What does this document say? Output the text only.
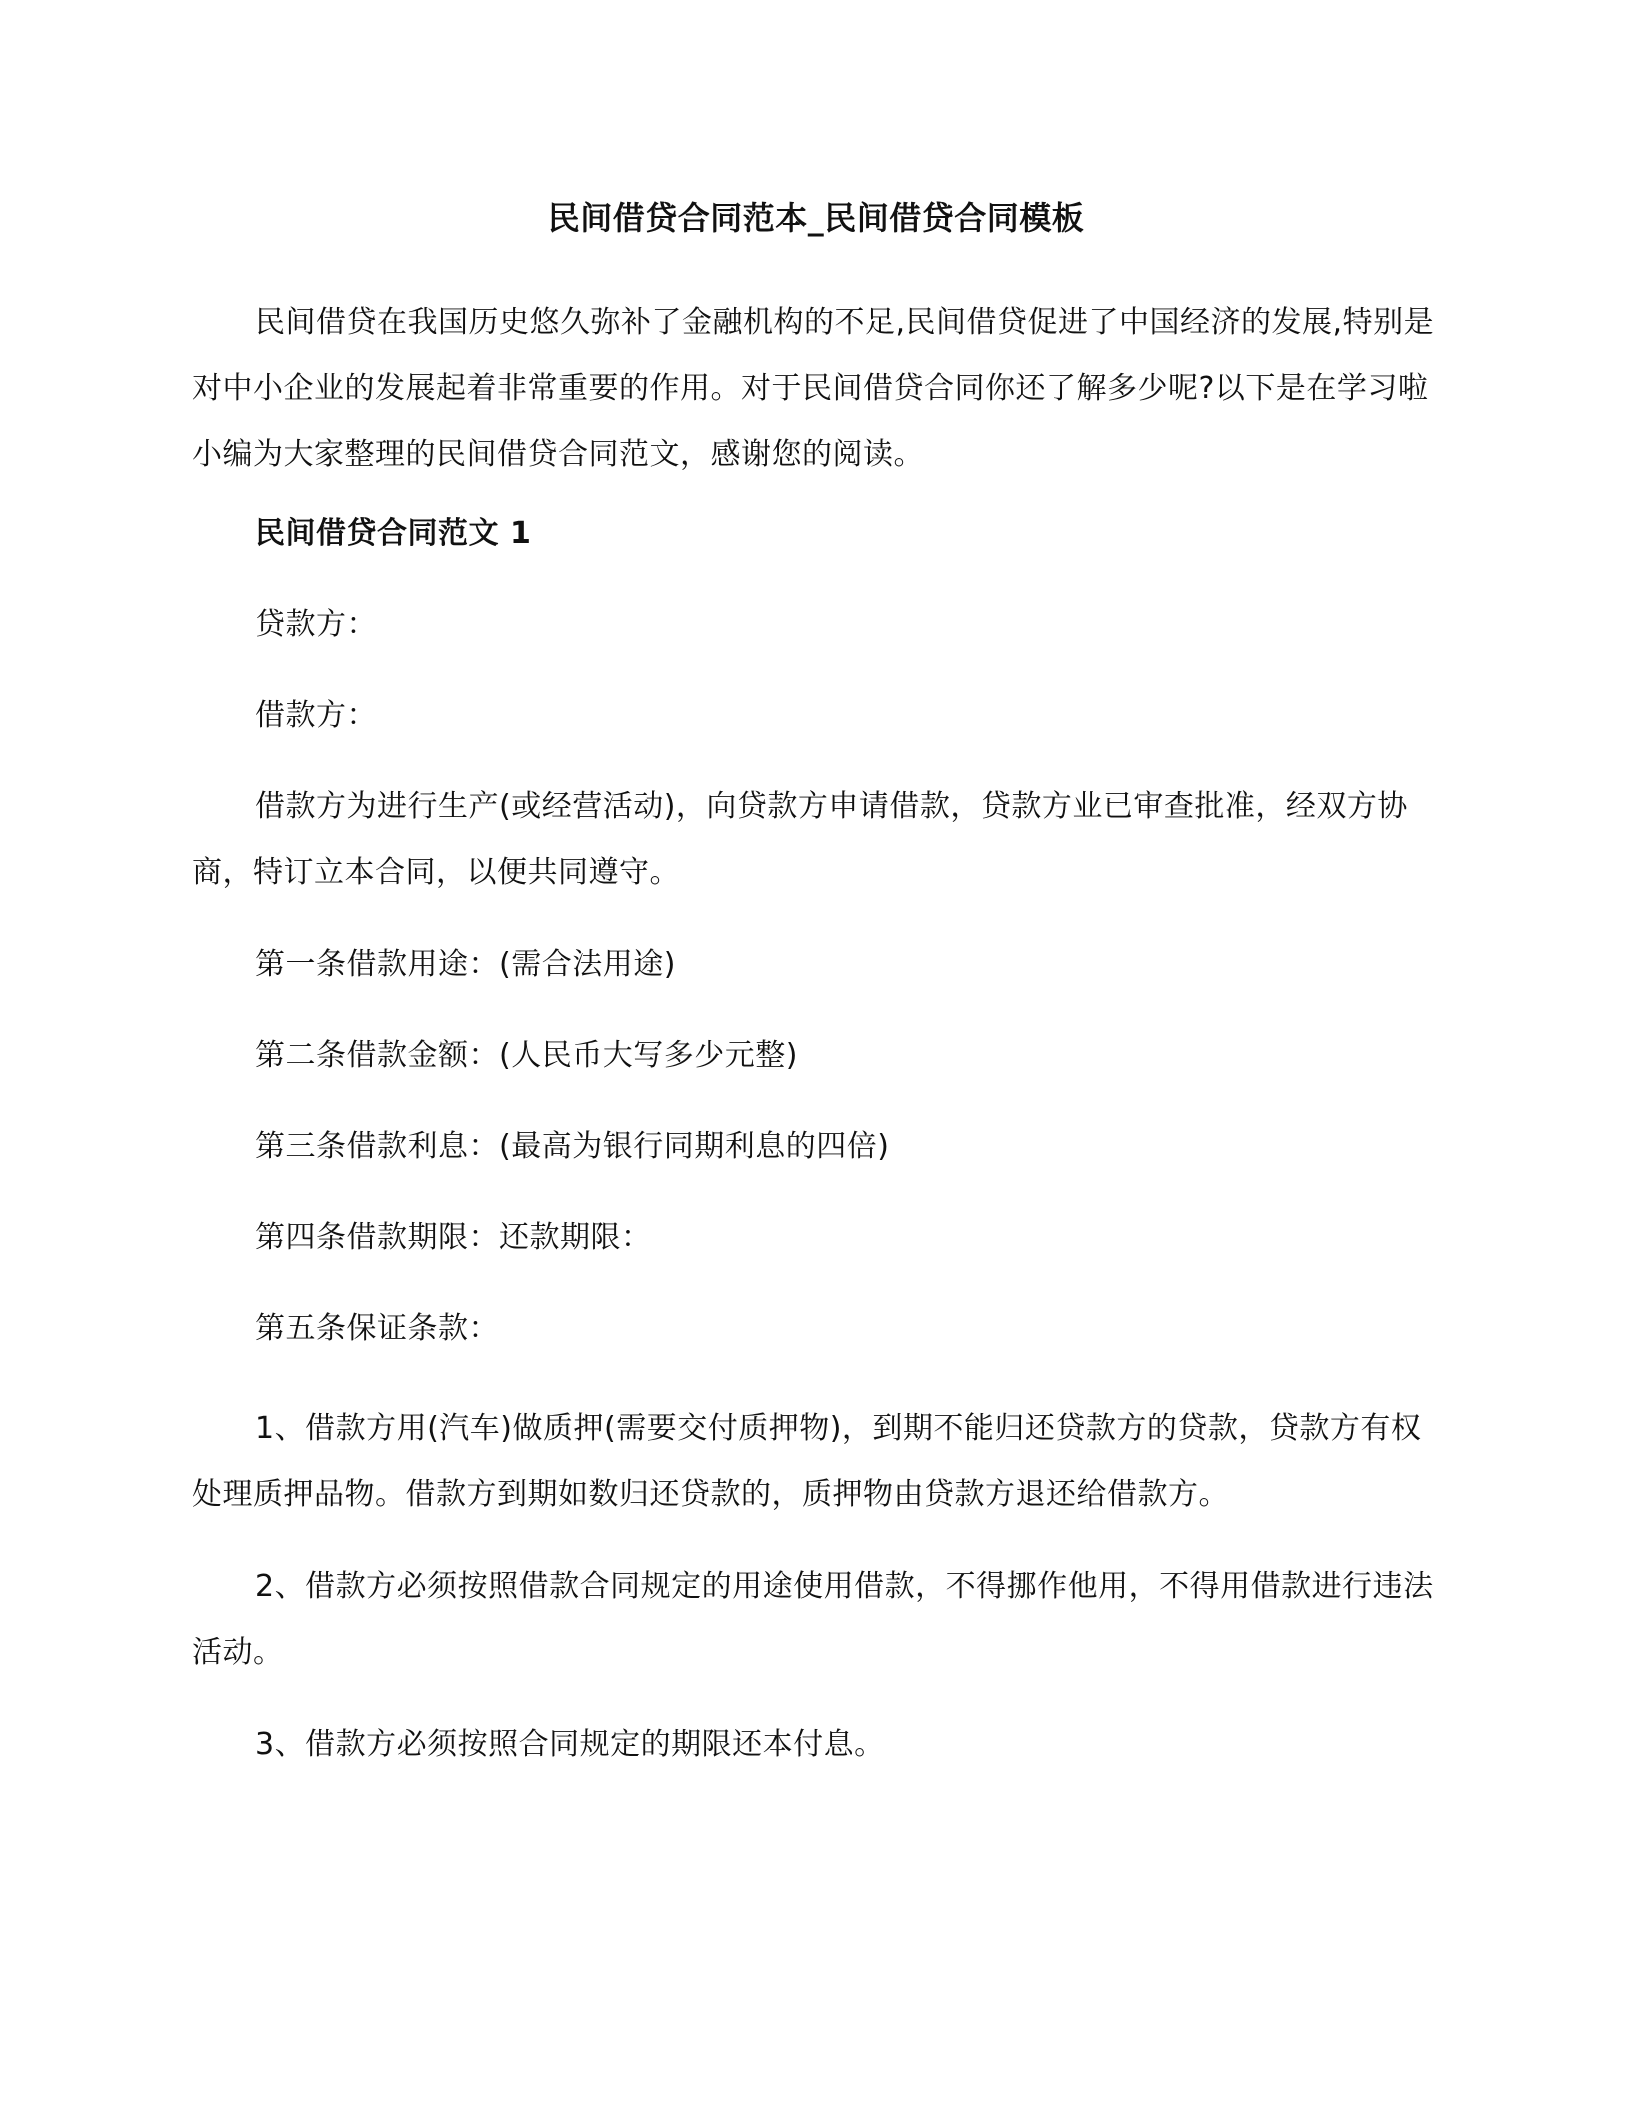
民间借贷合同范本_民间借贷合同模板

民间借贷在我国历史悠久弥补了金融机构的不足,民间借贷促进了中国经济的发展,特别是对中小企业的发展起着非常重要的作用。对于民间借贷合同你还了解多少呢?以下是在学习啦小编为大家整理的民间借贷合同范文，感谢您的阅读。

民间借贷合同范文 1

贷款方：

借款方：

借款方为进行生产(或经营活动)，向贷款方申请借款，贷款方业已审查批准，经双方协商，特订立本合同，以便共同遵守。

第一条借款用途：(需合法用途)

第二条借款金额：(人民币大写多少元整)

第三条借款利息：(最高为银行同期利息的四倍)

第四条借款期限：还款期限：

第五条保证条款：

1、借款方用(汽车)做质押(需要交付质押物)，到期不能归还贷款方的贷款，贷款方有权处理质押品物。借款方到期如数归还贷款的，质押物由贷款方退还给借款方。

2、借款方必须按照借款合同规定的用途使用借款，不得挪作他用，不得用借款进行违法活动。

3、借款方必须按照合同规定的期限还本付息。
